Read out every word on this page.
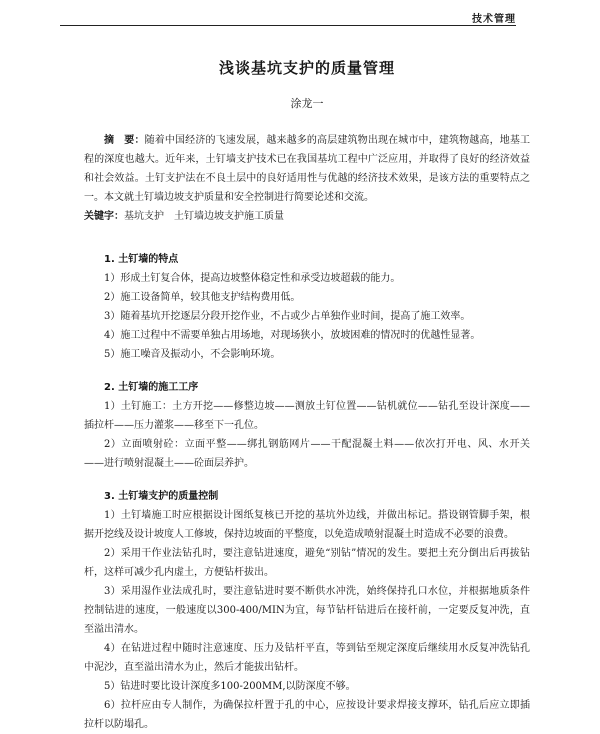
技术管理
浅谈基坑支护的质量管理
涂龙一

摘　要：随着中国经济的飞速发展，越来越多的高层建筑物出现在城市中，建筑物越高，地基工程的深度也越大。近年来，土钉墙支护技术已在我国基坑工程中广泛应用，并取得了良好的经济效益和社会效益。土钉支护法在不良土层中的良好适用性与优越的经济技术效果，是该方法的重要特点之一。本文就土钉墙边坡支护质量和安全控制进行简要论述和交流。

关键字：基坑支护　土钉墙边坡支护施工质量

1. 土钉墙的特点

1）形成土钉复合体，提高边坡整体稳定性和承受边坡超载的能力。

2）施工设备简单，较其他支护结构费用低。

3）随着基坑开挖逐层分段开挖作业，不占或少占单独作业时间，提高了施工效率。

4）施工过程中不需要单独占用场地，对现场狭小，放坡困难的情况时的优越性显著。

5）施工噪音及振动小，不会影响环境。

2. 土钉墙的施工工序

1）土钉施工：土方开挖——修整边坡——测放土钉位置——钻机就位——钻孔至设计深度——插拉杆——压力灌浆——移至下一孔位。

2）立面喷射砼：立面平整——绑扎钢筋网片——干配混凝土料——依次打开电、风、水开关——进行喷射混凝土——砼面层养护。

3. 土钉墙支护的质量控制

1）土钉墙施工时应根据设计图纸复核已开挖的基坑外边线，并做出标记。搭设钢管脚手架，根据开挖线及设计坡度人工修坡，保持边坡面的平整度，以免造成喷射混凝土时造成不必要的浪费。

2）采用干作业法钻孔时，要注意钻进速度，避免“别钻”情况的发生。要把土充分倒出后再拔钻杆，这样可减少孔内虚土，方便钻杆拔出。

3）采用湿作业法成孔时，要注意钻进时要不断供水冲洗，始终保持孔口水位，并根据地质条件控制钻进的速度，一般速度以300-400/MIN为宜，每节钻杆钻进后在接杆前，一定要反复冲洗，直至溢出清水。

4）在钻进过程中随时注意速度、压力及钻杆平直，等到钻至规定深度后继续用水反复冲洗钻孔中泥沙，直至溢出清水为止，然后才能拔出钻杆。

5）钻进时要比设计深度多100-200MM,以防深度不够。

6）拉杆应由专人制作，为确保拉杆置于孔的中心，应按设计要求焊接支撑环，钻孔后应立即插拉杆以防塌孔。
